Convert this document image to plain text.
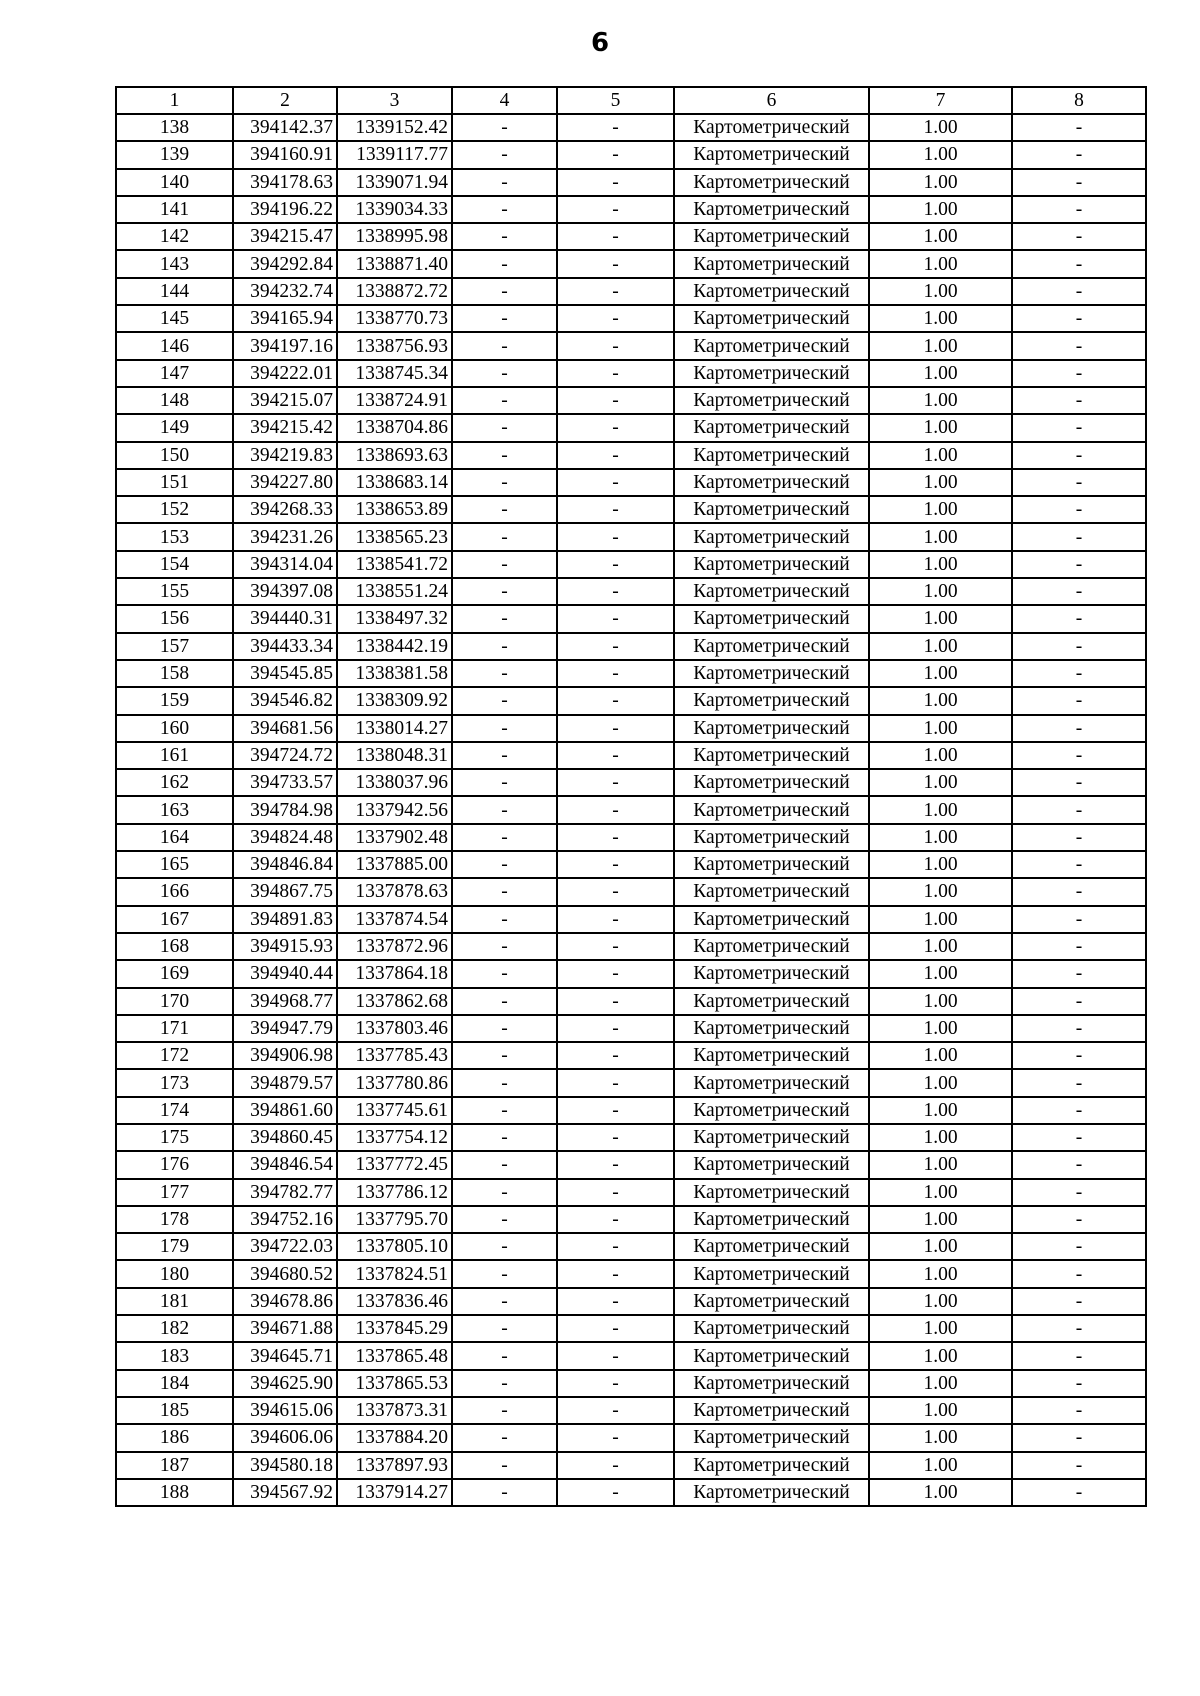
6
1	2	3	4	5	6	7	8
138	394142.37	1339152.42	-	-	Картометрический	1.00	-
139	394160.91	1339117.77	-	-	Картометрический	1.00	-
140	394178.63	1339071.94	-	-	Картометрический	1.00	-
141	394196.22	1339034.33	-	-	Картометрический	1.00	-
142	394215.47	1338995.98	-	-	Картометрический	1.00	-
143	394292.84	1338871.40	-	-	Картометрический	1.00	-
144	394232.74	1338872.72	-	-	Картометрический	1.00	-
145	394165.94	1338770.73	-	-	Картометрический	1.00	-
146	394197.16	1338756.93	-	-	Картометрический	1.00	-
147	394222.01	1338745.34	-	-	Картометрический	1.00	-
148	394215.07	1338724.91	-	-	Картометрический	1.00	-
149	394215.42	1338704.86	-	-	Картометрический	1.00	-
150	394219.83	1338693.63	-	-	Картометрический	1.00	-
151	394227.80	1338683.14	-	-	Картометрический	1.00	-
152	394268.33	1338653.89	-	-	Картометрический	1.00	-
153	394231.26	1338565.23	-	-	Картометрический	1.00	-
154	394314.04	1338541.72	-	-	Картометрический	1.00	-
155	394397.08	1338551.24	-	-	Картометрический	1.00	-
156	394440.31	1338497.32	-	-	Картометрический	1.00	-
157	394433.34	1338442.19	-	-	Картометрический	1.00	-
158	394545.85	1338381.58	-	-	Картометрический	1.00	-
159	394546.82	1338309.92	-	-	Картометрический	1.00	-
160	394681.56	1338014.27	-	-	Картометрический	1.00	-
161	394724.72	1338048.31	-	-	Картометрический	1.00	-
162	394733.57	1338037.96	-	-	Картометрический	1.00	-
163	394784.98	1337942.56	-	-	Картометрический	1.00	-
164	394824.48	1337902.48	-	-	Картометрический	1.00	-
165	394846.84	1337885.00	-	-	Картометрический	1.00	-
166	394867.75	1337878.63	-	-	Картометрический	1.00	-
167	394891.83	1337874.54	-	-	Картометрический	1.00	-
168	394915.93	1337872.96	-	-	Картометрический	1.00	-
169	394940.44	1337864.18	-	-	Картометрический	1.00	-
170	394968.77	1337862.68	-	-	Картометрический	1.00	-
171	394947.79	1337803.46	-	-	Картометрический	1.00	-
172	394906.98	1337785.43	-	-	Картометрический	1.00	-
173	394879.57	1337780.86	-	-	Картометрический	1.00	-
174	394861.60	1337745.61	-	-	Картометрический	1.00	-
175	394860.45	1337754.12	-	-	Картометрический	1.00	-
176	394846.54	1337772.45	-	-	Картометрический	1.00	-
177	394782.77	1337786.12	-	-	Картометрический	1.00	-
178	394752.16	1337795.70	-	-	Картометрический	1.00	-
179	394722.03	1337805.10	-	-	Картометрический	1.00	-
180	394680.52	1337824.51	-	-	Картометрический	1.00	-
181	394678.86	1337836.46	-	-	Картометрический	1.00	-
182	394671.88	1337845.29	-	-	Картометрический	1.00	-
183	394645.71	1337865.48	-	-	Картометрический	1.00	-
184	394625.90	1337865.53	-	-	Картометрический	1.00	-
185	394615.06	1337873.31	-	-	Картометрический	1.00	-
186	394606.06	1337884.20	-	-	Картометрический	1.00	-
187	394580.18	1337897.93	-	-	Картометрический	1.00	-
188	394567.92	1337914.27	-	-	Картометрический	1.00	-
